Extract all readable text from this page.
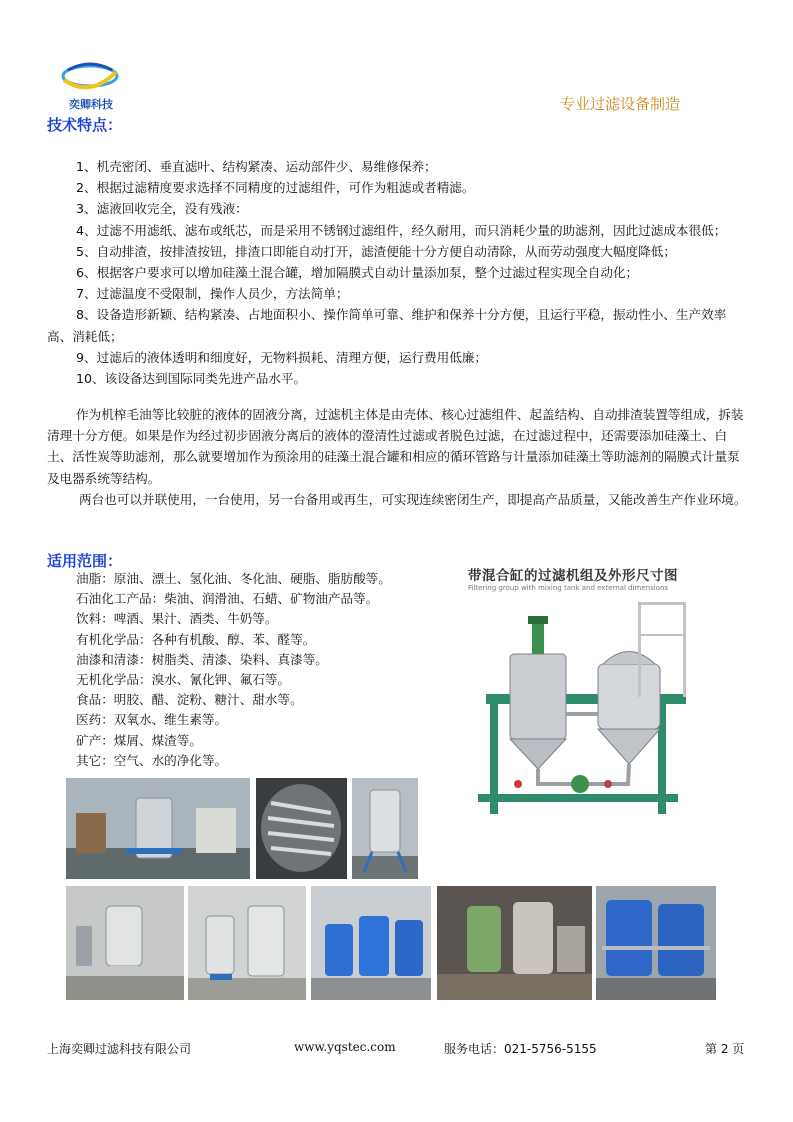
奕卿科技	专业过滤设备制造
技术特点：
1、机壳密闭、垂直滤叶、结构紧凑、运动部件少、易维修保养；
2、根据过滤精度要求选择不同精度的过滤组件，可作为粗滤或者精滤。
3、滤液回收完全，没有残液：
4、过滤不用滤纸、滤布或纸芯，而是采用不锈钢过滤组件，经久耐用，而只消耗少量的助滤剂，因此过滤成本很低；
5、自动排渣，按排渣按钮，排渣口即能自动打开，滤渣便能十分方便自动清除，从而劳动强度大幅度降低；
6、根据客户要求可以增加硅藻土混合罐，增加隔膜式自动计量添加泵，整个过滤过程实现全自动化；
7、过滤温度不受限制，操作人员少，方法简单；
8、设备造形新颖、结构紧凑、占地面积小、操作简单可靠、维护和保养十分方便，且运行平稳，振动性小、生产效率高、消耗低；
9、过滤后的液体透明和细度好，无物料损耗、清理方便，运行费用低廉；
10、该设备达到国际同类先进产品水平。

作为机榨毛油等比较脏的液体的固液分离，过滤机主体是由壳体、核心过滤组件、起盖结构、自动排渣装置等组成，拆装清理十分方便。如果是作为经过初步固液分离后的液体的澄清性过滤或者脱色过滤，在过滤过程中，还需要添加硅藻土、白土、活性炭等助滤剂，那么就要增加作为预涂用的硅藻土混合罐和相应的循环管路与计量添加硅藻土等助滤剂的隔膜式计量泵及电器系统等结构。

两台也可以并联使用，一台使用，另一台备用或再生，可实现连续密闭生产，即提高产品质量，又能改善生产作业环境。

适用范围：
油脂：原油、漂土、氢化油、冬化油、硬脂、脂肪酸等。
石油化工产品：柴油、润滑油、石蜡、矿物油产品等。
饮料：啤酒、果汁、酒类、牛奶等。
有机化学品：各种有机酸、醇、苯、醛等。
油漆和清漆：树脂类、清漆、染料、真漆等。
无机化学品：溴水、氰化钾、氟石等。
食品：明胶、醋、淀粉、糖汁、甜水等。
医药：双氧水、维生素等。
矿产：煤屑、煤渣等。
其它：空气、水的净化等。
带混合缸的过滤机组及外形尺寸图
Filtering group with mixing tank and external dimensions
上海奕卿过滤科技有限公司	www.yqstec.com	服务电话：021-5756-5155	第 2 页
